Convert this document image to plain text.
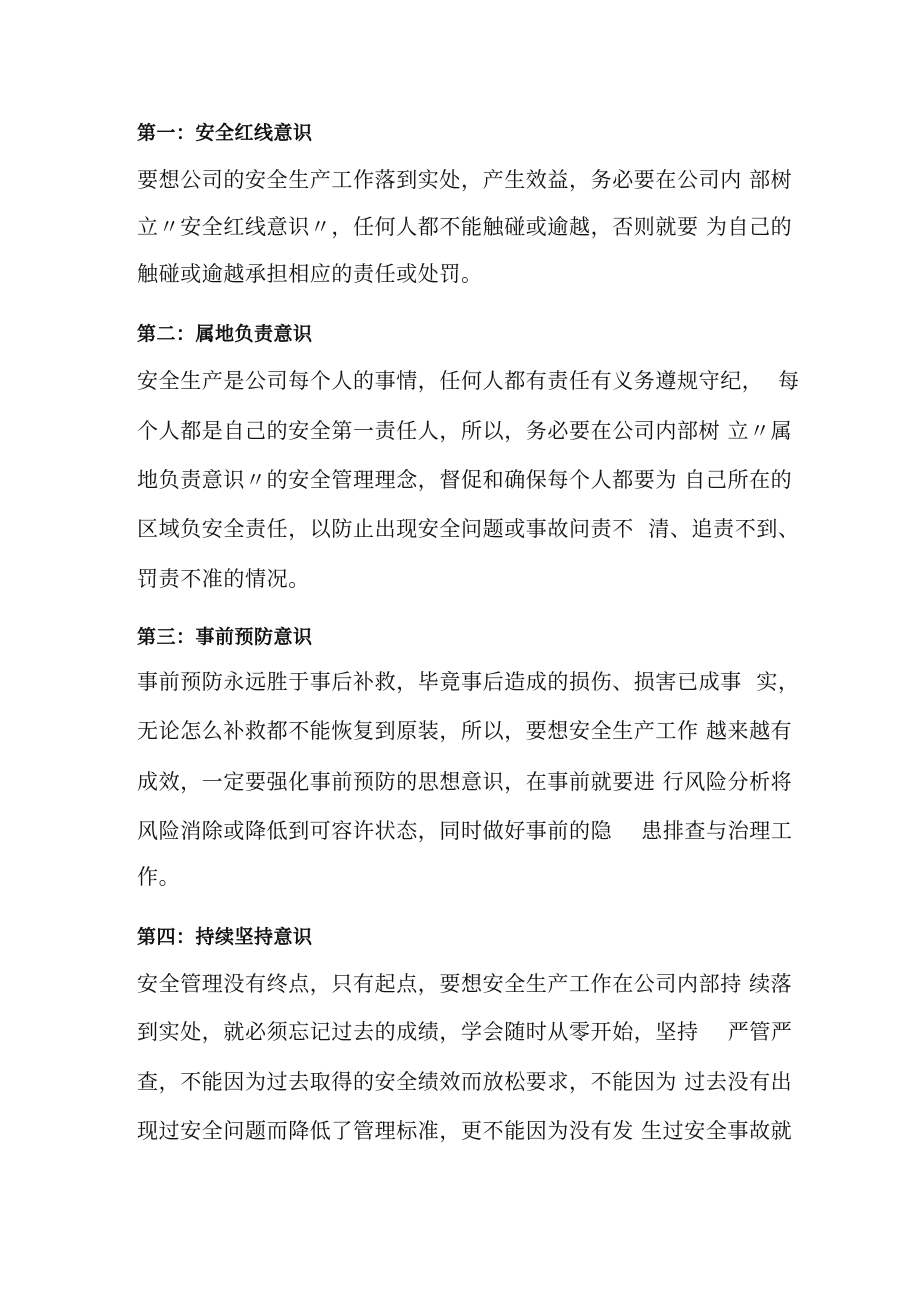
第一：安全红线意识
要想公司的安全生产工作落到实处，产生效益，务必要在公司内 部树
立〃安全红线意识〃，任何人都不能触碰或逾越，否则就要 为自己的
触碰或逾越承担相应的责任或处罚。
第二：属地负责意识
安全生产是公司每个人的事情，任何人都有责任有义务遵规守纪，  每
个人都是自己的安全第一责任人，所以，务必要在公司内部树 立〃属
地负责意识〃的安全管理理念，督促和确保每个人都要为 自己所在的
区域负安全责任，以防止出现安全问题或事故问责不  清、追责不到、
罚责不准的情况。
第三：事前预防意识
事前预防永远胜于事后补救，毕竟事后造成的损伤、损害已成事  实，
无论怎么补救都不能恢复到原装，所以，要想安全生产工作 越来越有
成效，一定要强化事前预防的思想意识，在事前就要进 行风险分析将
风险消除或降低到可容许状态，同时做好事前的隐    患排查与治理工
作。
第四：持续坚持意识
安全管理没有终点，只有起点，要想安全生产工作在公司内部持 续落
到实处，就必须忘记过去的成绩，学会随时从零开始，坚持    严管严
查，不能因为过去取得的安全绩效而放松要求，不能因为 过去没有出
现过安全问题而降低了管理标准，更不能因为没有发 生过安全事故就
